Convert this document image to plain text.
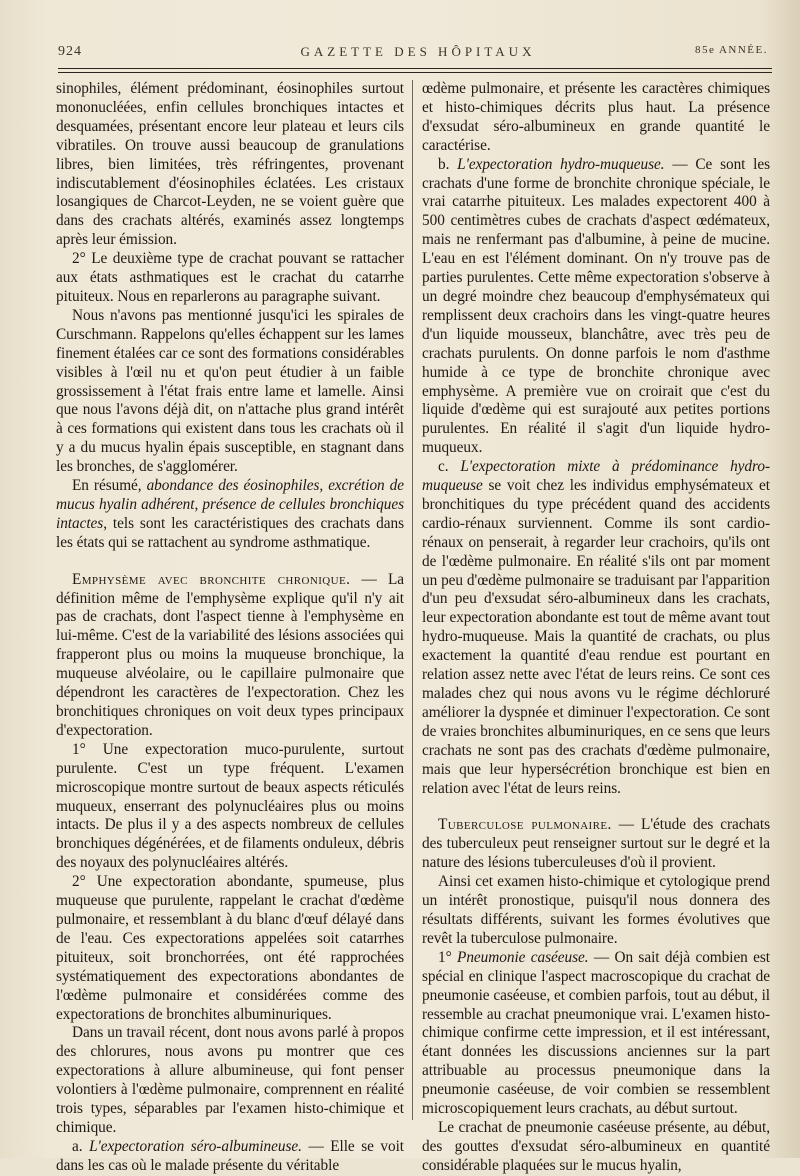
924	GAZETTE DES HÔPITAUX	85e ANNÉE.

sinophiles, élément prédominant, éosinophiles surtout mononucléées, enfin cellules bronchiques intactes et desquamées, présentant encore leur plateau et leurs cils vibratiles. On trouve aussi beaucoup de granulations libres, bien limitées, très réfringentes, provenant indiscutablement d'éosinophiles éclatées. Les cristaux losangiques de Charcot-Leyden, ne se voient guère que dans des crachats altérés, examinés assez longtemps après leur émission.

2° Le deuxième type de crachat pouvant se rattacher aux états asthmatiques est le crachat du catarrhe pituiteux. Nous en reparlerons au paragraphe suivant.

Nous n'avons pas mentionné jusqu'ici les spirales de Curschmann. Rappelons qu'elles échappent sur les lames finement étalées car ce sont des formations considérables visibles à l'œil nu et qu'on peut étudier à un faible grossissement à l'état frais entre lame et lamelle. Ainsi que nous l'avons déjà dit, on n'attache plus grand intérêt à ces formations qui existent dans tous les crachats où il y a du mucus hyalin épais susceptible, en stagnant dans les bronches, de s'agglomérer.

En résumé, abondance des éosinophiles, excrétion de mucus hyalin adhérent, présence de cellules bronchiques intactes, tels sont les caractéristiques des crachats dans les états qui se rattachent au syndrome asthmatique.

Emphysème avec bronchite chronique. — La définition même de l'emphysème explique qu'il n'y ait pas de crachats, dont l'aspect tienne à l'emphysème en lui-même. C'est de la variabilité des lésions associées qui frapperont plus ou moins la muqueuse bronchique, la muqueuse alvéolaire, ou le capillaire pulmonaire que dépendront les caractères de l'expectoration. Chez les bronchitiques chroniques on voit deux types principaux d'expectoration.

1° Une expectoration muco-purulente, surtout purulente. C'est un type fréquent. L'examen microscopique montre surtout de beaux aspects réticulés muqueux, enserrant des polynucléaires plus ou moins intacts. De plus il y a des aspects nombreux de cellules bronchiques dégénérées, et de filaments onduleux, débris des noyaux des polynucléaires altérés.

2° Une expectoration abondante, spumeuse, plus muqueuse que purulente, rappelant le crachat d'œdème pulmonaire, et ressemblant à du blanc d'œuf délayé dans de l'eau. Ces expectorations appelées soit catarrhes pituiteux, soit bronchorrées, ont été rapprochées systématiquement des expectorations abondantes de l'œdème pulmonaire et considérées comme des expectorations de bronchites albuminuriques.

Dans un travail récent, dont nous avons parlé à propos des chlorures, nous avons pu montrer que ces expectorations à allure albumineuse, qui font penser volontiers à l'œdème pulmonaire, comprennent en réalité trois types, séparables par l'examen histo-chimique et chimique.

a. L'expectoration séro-albumineuse. — Elle se voit dans les cas où le malade présente du véritable

œdème pulmonaire, et présente les caractères chimiques et histo-chimiques décrits plus haut. La présence d'exsudat séro-albumineux en grande quantité le caractérise.

b. L'expectoration hydro-muqueuse. — Ce sont les crachats d'une forme de bronchite chronique spéciale, le vrai catarrhe pituiteux. Les malades expectorent 400 à 500 centimètres cubes de crachats d'aspect œdémateux, mais ne renfermant pas d'albumine, à peine de mucine. L'eau en est l'élément dominant. On n'y trouve pas de parties purulentes. Cette même expectoration s'observe à un degré moindre chez beaucoup d'emphysémateux qui remplissent deux crachoirs dans les vingt-quatre heures d'un liquide mousseux, blanchâtre, avec très peu de crachats purulents. On donne parfois le nom d'asthme humide à ce type de bronchite chronique avec emphysème. A première vue on croirait que c'est du liquide d'œdème qui est surajouté aux petites portions purulentes. En réalité il s'agit d'un liquide hydro-muqueux.

c. L'expectoration mixte à prédominance hydro-muqueuse se voit chez les individus emphysémateux et bronchitiques du type précédent quand des accidents cardio-rénaux surviennent. Comme ils sont cardio-rénaux on penserait, à regarder leur crachoirs, qu'ils ont de l'œdème pulmonaire. En réalité s'ils ont par moment un peu d'œdème pulmonaire se traduisant par l'apparition d'un peu d'exsudat séro-albumineux dans les crachats, leur expectoration abondante est tout de même avant tout hydro-muqueuse. Mais la quantité de crachats, ou plus exactement la quantité d'eau rendue est pourtant en relation assez nette avec l'état de leurs reins. Ce sont ces malades chez qui nous avons vu le régime déchloruré améliorer la dyspnée et diminuer l'expectoration. Ce sont de vraies bronchites albuminuriques, en ce sens que leurs crachats ne sont pas des crachats d'œdème pulmonaire, mais que leur hypersécrétion bronchique est bien en relation avec l'état de leurs reins.

Tuberculose pulmonaire. — L'étude des crachats des tuberculeux peut renseigner surtout sur le degré et la nature des lésions tuberculeuses d'où il provient.

Ainsi cet examen histo-chimique et cytologique prend un intérêt pronostique, puisqu'il nous donnera des résultats différents, suivant les formes évolutives que revêt la tuberculose pulmonaire.

1° Pneumonie caséeuse. — On sait déjà combien est spécial en clinique l'aspect macroscopique du crachat de pneumonie caséeuse, et combien parfois, tout au début, il ressemble au crachat pneumonique vrai. L'examen histo-chimique confirme cette impression, et il est intéressant, étant données les discussions anciennes sur la part attribuable au processus pneumonique dans la pneumonie caséeuse, de voir combien se ressemblent microscopiquement leurs crachats, au début surtout.

Le crachat de pneumonie caséeuse présente, au début, des gouttes d'exsudat séro-albumineux en quantité considérable plaquées sur le mucus hyalin,
